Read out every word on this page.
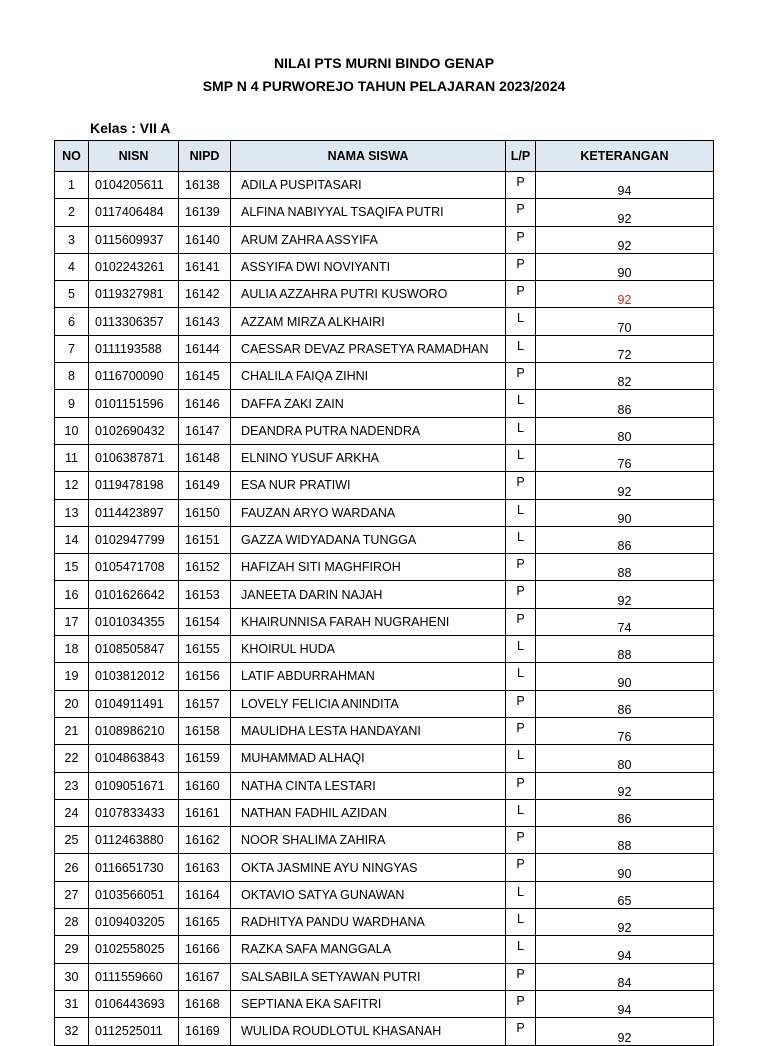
NILAI PTS MURNI BINDO GENAP
SMP N 4 PURWOREJO TAHUN PELAJARAN 2023/2024
Kelas : VII A
NO	NISN	NIPD	NAMA SISWA	L/P	KETERANGAN
1	0104205611	16138	ADILA PUSPITASARI	P	94
2	0117406484	16139	ALFINA NABIYYAL TSAQIFA PUTRI	P	92
3	0115609937	16140	ARUM ZAHRA ASSYIFA	P	92
4	0102243261	16141	ASSYIFA DWI NOVIYANTI	P	90
5	0119327981	16142	AULIA AZZAHRA PUTRI KUSWORO	P	92
6	0113306357	16143	AZZAM MIRZA ALKHAIRI	L	70
7	0111193588	16144	CAESSAR DEVAZ PRASETYA RAMADHAN	L	72
8	0116700090	16145	CHALILA FAIQA ZIHNI	P	82
9	0101151596	16146	DAFFA ZAKI ZAIN	L	86
10	0102690432	16147	DEANDRA PUTRA NADENDRA	L	80
11	0106387871	16148	ELNINO YUSUF ARKHA	L	76
12	0119478198	16149	ESA NUR PRATIWI	P	92
13	0114423897	16150	FAUZAN ARYO WARDANA	L	90
14	0102947799	16151	GAZZA WIDYADANA TUNGGA	L	86
15	0105471708	16152	HAFIZAH SITI MAGHFIROH	P	88
16	0101626642	16153	JANEETA DARIN NAJAH	P	92
17	0101034355	16154	KHAIRUNNISA FARAH NUGRAHENI	P	74
18	0108505847	16155	KHOIRUL HUDA	L	88
19	0103812012	16156	LATIF ABDURRAHMAN	L	90
20	0104911491	16157	LOVELY FELICIA ANINDITA	P	86
21	0108986210	16158	MAULIDHA LESTA HANDAYANI	P	76
22	0104863843	16159	MUHAMMAD ALHAQI	L	80
23	0109051671	16160	NATHA CINTA LESTARI	P	92
24	0107833433	16161	NATHAN FADHIL AZIDAN	L	86
25	0112463880	16162	NOOR SHALIMA ZAHIRA	P	88
26	0116651730	16163	OKTA JASMINE AYU NINGYAS	P	90
27	0103566051	16164	OKTAVIO SATYA GUNAWAN	L	65
28	0109403205	16165	RADHITYA PANDU WARDHANA	L	92
29	0102558025	16166	RAZKA SAFA MANGGALA	L	94
30	0111559660	16167	SALSABILA SETYAWAN PUTRI	P	84
31	0106443693	16168	SEPTIANA EKA SAFITRI	P	94
32	0112525011	16169	WULIDA ROUDLOTUL KHASANAH	P	92
